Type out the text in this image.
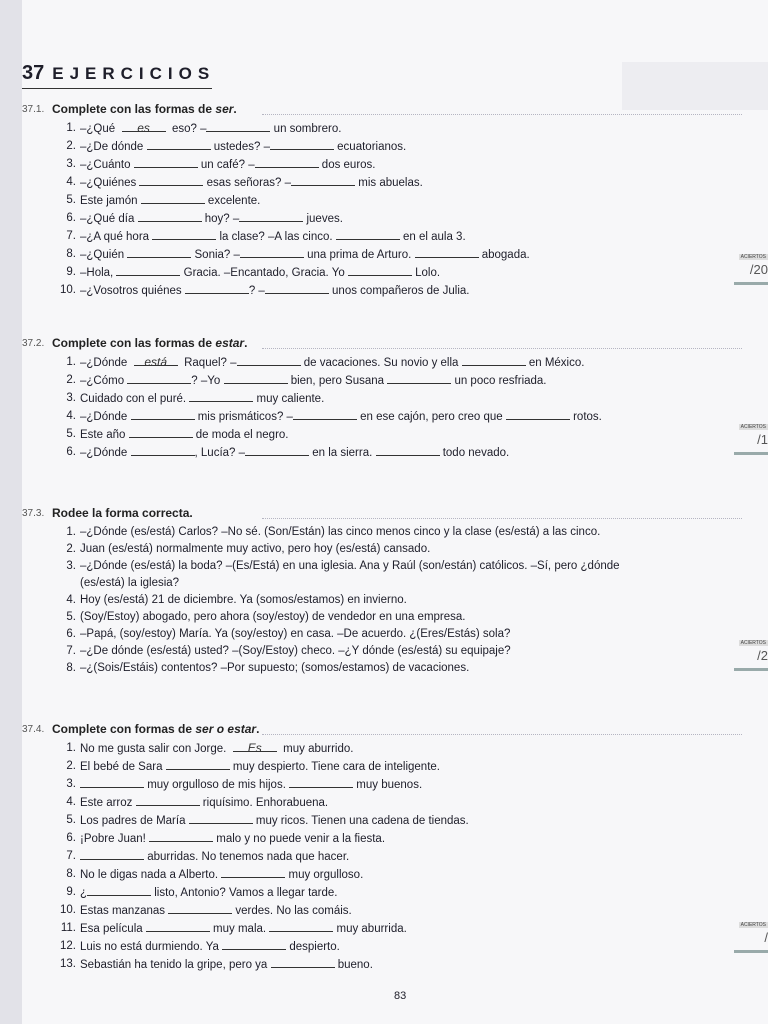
37 EJERCICIOS
37.1. Complete con las formas de ser.
1. –¿Qué  es  eso? –	un sombrero.
2. –¿De dónde	ustedes? –	ecuatorianos.
3. –¿Cuánto	un café? –	dos euros.
4. –¿Quiénes	esas señoras? –	mis abuelas.
5. Este jamón	excelente.
6. –¿Qué día	hoy? –	jueves.
7. –¿A qué hora	la clase? –A las cinco.	en el aula 3.
8. –¿Quién	Sonia? –	una prima de Arturo.	abogada.
9. –Hola,	Gracia. –Encantado, Gracia. Yo	Lolo.
10. –¿Vosotros quiénes	? –	unos compañeros de Julia.
37.2. Complete con las formas de estar.
1. –¿Dónde  está  Raquel? –	de vacaciones. Su novio y ella	en México.
2. –¿Cómo	? –Yo	bien, pero Susana	un poco resfriada.
3. Cuidado con el puré.	muy caliente.
4. –¿Dónde	mis prismáticos? –	en ese cajón, pero creo que	rotos.
5. Este año	de moda el negro.
6. –¿Dónde	, Lucía? –	en la sierra.	todo nevado.
37.3. Rodee la forma correcta.
1. –¿Dónde (es/está) Carlos? –No sé. (Son/Están) las cinco menos cinco y la clase (es/está) a las cinco.
2. Juan (es/está) normalmente muy activo, pero hoy (es/está) cansado.
3. –¿Dónde (es/está) la boda? –(Es/Está) en una iglesia. Ana y Raúl (son/están) católicos. –Sí, pero ¿dónde
(es/está) la iglesia?
4. Hoy (es/está) 21 de diciembre. Ya (somos/estamos) en invierno.
5. (Soy/Estoy) abogado, pero ahora (soy/estoy) de vendedor en una empresa.
6. –Papá, (soy/estoy) María. Ya (soy/estoy) en casa. –De acuerdo. ¿(Eres/Estás) sola?
7. –¿De dónde (es/está) usted? –(Soy/Estoy) checo. –¿Y dónde (es/está) su equipaje?
8. –¿(Sois/Estáis) contentos? –Por supuesto; (somos/estamos) de vacaciones.
37.4. Complete con formas de ser o estar.
1. No me gusta salir con Jorge.  Es  muy aburrido.
2. El bebé de Sara	muy despierto. Tiene cara de inteligente.
3.	muy orgulloso de mis hijos.	muy buenos.
4. Este arroz	riquísimo. Enhorabuena.
5. Los padres de María	muy ricos. Tienen una cadena de tiendas.
6. ¡Pobre Juan!	malo y no puede venir a la fiesta.
7.	aburridas. No tenemos nada que hacer.
8. No le digas nada a Alberto.	muy orgulloso.
9. ¿	listo, Antonio? Vamos a llegar tarde.
10. Estas manzanas	verdes. No las comáis.
11. Esa película	muy mala.	muy aburrida.
12. Luis no está durmiendo. Ya	despierto.
13. Sebastián ha tenido la gripe, pero ya	bueno.
83
ACIERTOS
/20
ACIERTOS
/1
ACIERTOS
/2
ACIERTOS
/
